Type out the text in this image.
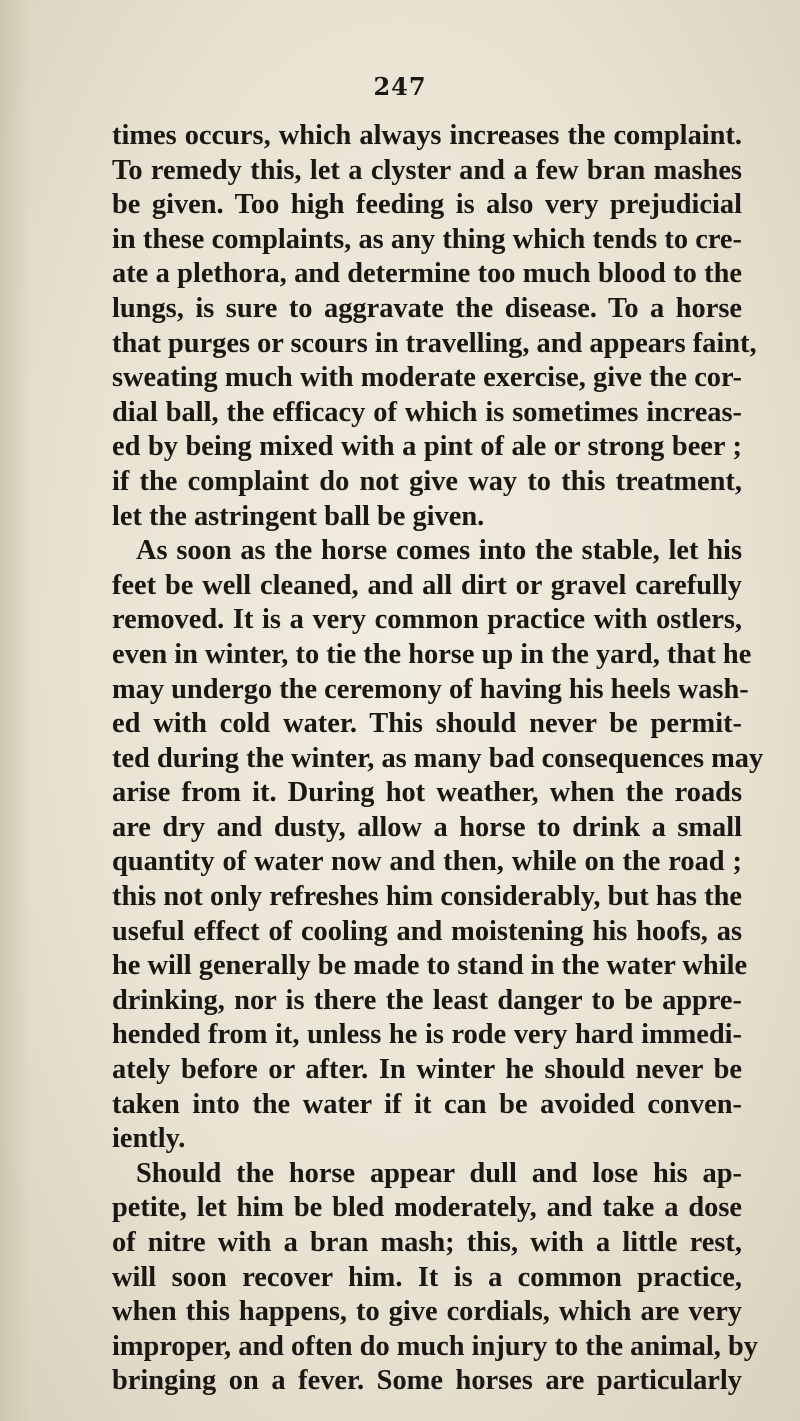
247
times occurs, which always increases the complaint.
To remedy this, let a clyster and a few bran mashes
be given. Too high feeding is also very prejudicial
in these complaints, as any thing which tends to cre-
ate a plethora, and determine too much blood to the
lungs, is sure to aggravate the disease. To a horse
that purges or scours in travelling, and appears faint,
sweating much with moderate exercise, give the cor-
dial ball, the efficacy of which is sometimes increas-
ed by being mixed with a pint of ale or strong beer ;
if the complaint do not give way to this treatment,
let the astringent ball be given.
As soon as the horse comes into the stable, let his
feet be well cleaned, and all dirt or gravel carefully
removed. It is a very common practice with ostlers,
even in winter, to tie the horse up in the yard, that he
may undergo the ceremony of having his heels wash-
ed with cold water. This should never be permit-
ted during the winter, as many bad consequences may
arise from it. During hot weather, when the roads
are dry and dusty, allow a horse to drink a small
quantity of water now and then, while on the road ;
this not only refreshes him considerably, but has the
useful effect of cooling and moistening his hoofs, as
he will generally be made to stand in the water while
drinking, nor is there the least danger to be appre-
hended from it, unless he is rode very hard immedi-
ately before or after. In winter he should never be
taken into the water if it can be avoided conven-
iently.
Should the horse appear dull and lose his ap-
petite, let him be bled moderately, and take a dose
of nitre with a bran mash; this, with a little rest,
will soon recover him. It is a common practice,
when this happens, to give cordials, which are very
improper, and often do much injury to the animal, by
bringing on a fever. Some horses are particularly
